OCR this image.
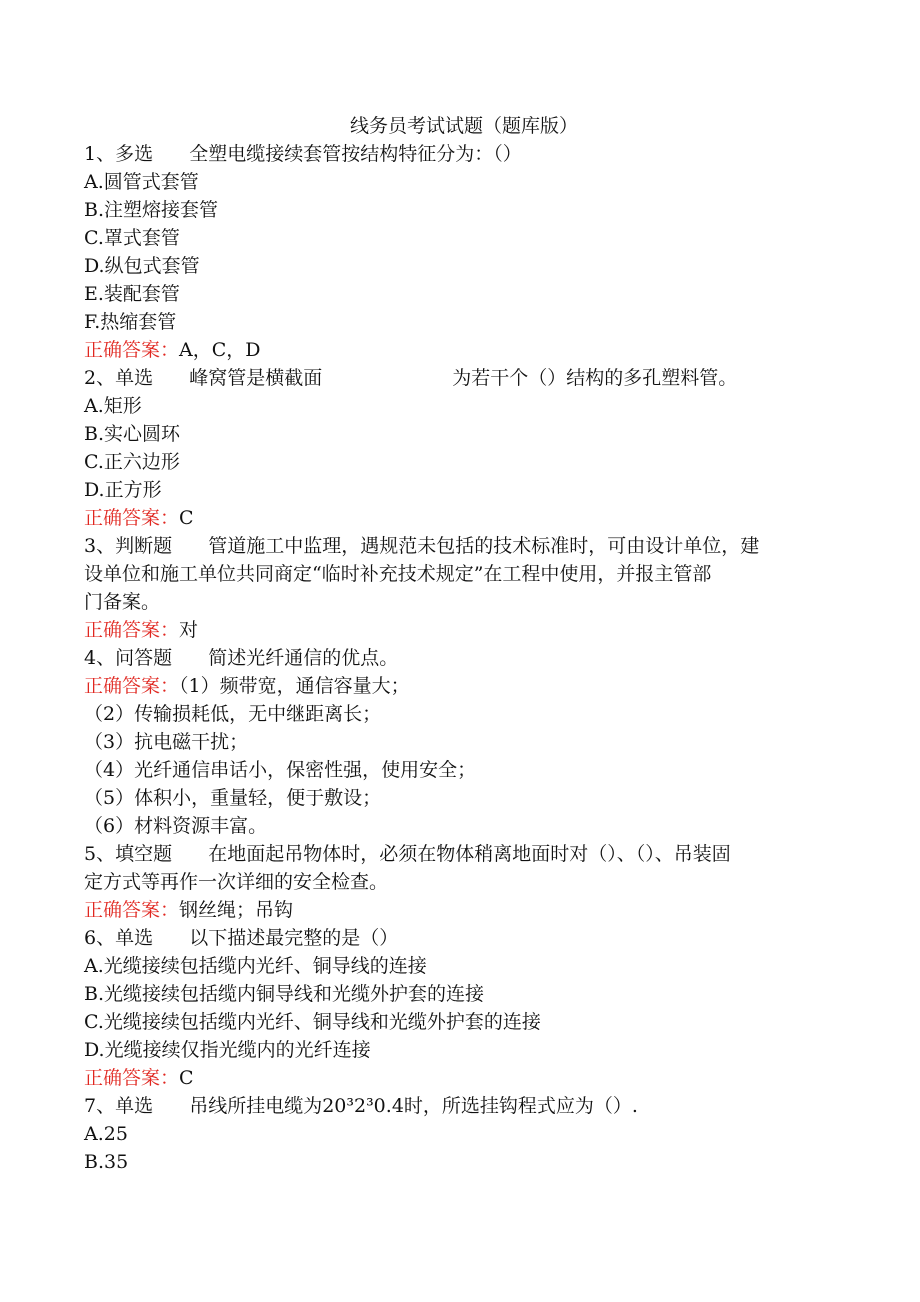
线务员考试试题（题库版）

1、多选 全塑电缆接续套管按结构特征分为：（）

A.圆管式套管

B.注塑熔接套管

C.罩式套管

D.纵包式套管

E.装配套管

F.热缩套管

正确答案：A，C，D

2、单选 峰窝管是横截面	为若干个（）结构的多孔塑料管。

A.矩形

B.实心圆环

C.正六边形

D.正方形

正确答案：C

3、判断题 管道施工中监理，遇规范未包括的技术标准时，可由设计单位，建

设单位和施工单位共同商定“临时补充技术规定”在工程中使用，并报主管部

门备案。

正确答案：对

4、问答题 简述光纤通信的优点。

正确答案：（1）频带宽，通信容量大；

（2）传输损耗低，无中继距离长；

（3）抗电磁干扰；

（4）光纤通信串话小，保密性强，使用安全；

（5）体积小，重量轻，便于敷设；

（6）材料资源丰富。

5、填空题 在地面起吊物体时，必须在物体稍离地面时对（）、（）、吊装固

定方式等再作一次详细的安全检查。

正确答案：钢丝绳；吊钩

6、单选 以下描述最完整的是（）

A.光缆接续包括缆内光纤、铜导线的连接

B.光缆接续包括缆内铜导线和光缆外护套的连接

C.光缆接续包括缆内光纤、铜导线和光缆外护套的连接

D.光缆接续仅指光缆内的光纤连接

正确答案：C

7、单选 吊线所挂电缆为20³2³0.4时，所选挂钩程式应为（）.

A.25

B.35
